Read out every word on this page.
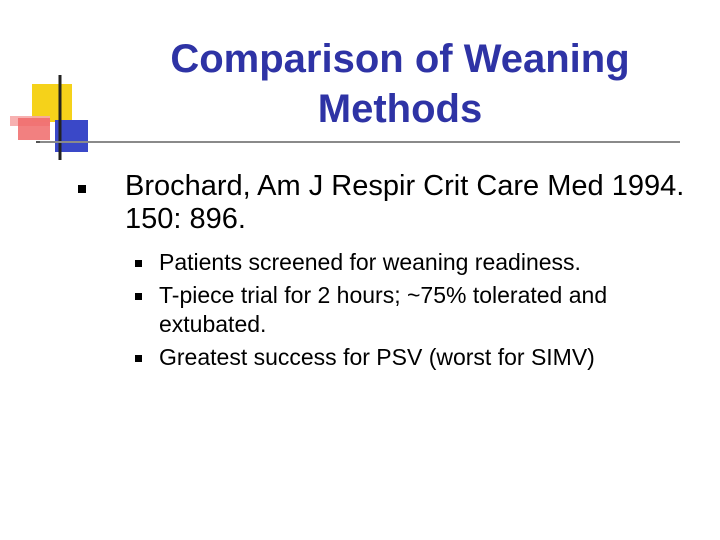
Comparison of Weaning Methods
Brochard, Am J Respir Crit Care Med 1994. 150: 896.
Patients screened for weaning readiness.
T-piece trial for 2 hours; ~75% tolerated and extubated.
Greatest success for PSV (worst for SIMV)
